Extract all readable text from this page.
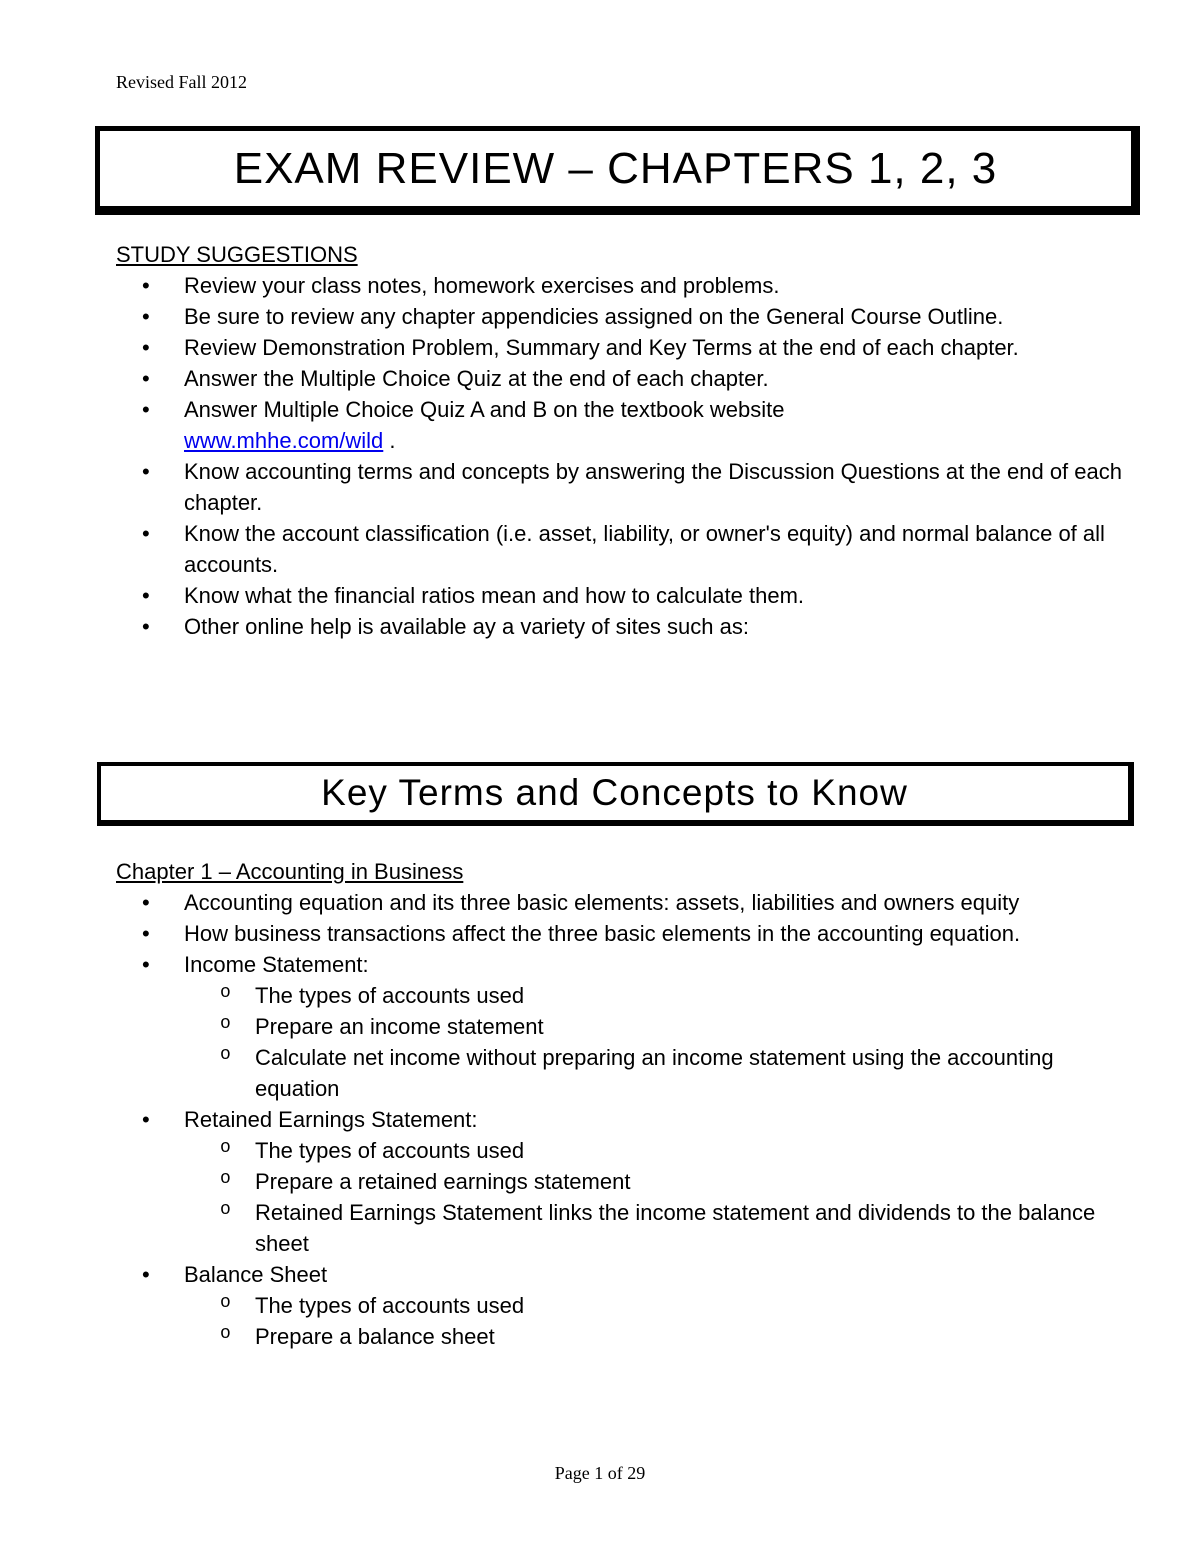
Revised Fall 2012
EXAM REVIEW – CHAPTERS 1, 2, 3
STUDY SUGGESTIONS
• Review your class notes, homework exercises and problems.
• Be sure to review any chapter appendicies assigned on the General Course Outline.
• Review Demonstration Problem, Summary and Key Terms at the end of each chapter.
• Answer the Multiple Choice Quiz at the end of each chapter.
• Answer Multiple Choice Quiz A and B on the textbook website
www.mhhe.com/wild .
• Know accounting terms and concepts by answering the Discussion Questions at the end of each chapter.
• Know the account classification (i.e. asset, liability, or owner's equity) and normal balance of all accounts.
• Know what the financial ratios mean and how to calculate them.
• Other online help is available ay a variety of sites such as:
Key Terms and Concepts to Know
Chapter 1 – Accounting in Business
• Accounting equation and its three basic elements: assets, liabilities and owners equity
• How business transactions affect the three basic elements in the accounting equation.
• Income Statement:
o The types of accounts used
o Prepare an income statement
o Calculate net income without preparing an income statement using the accounting equation
• Retained Earnings Statement:
o The types of accounts used
o Prepare a retained earnings statement
o Retained Earnings Statement links the income statement and dividends to the balance sheet
• Balance Sheet
o The types of accounts used
o Prepare a balance sheet
Page 1 of 29
